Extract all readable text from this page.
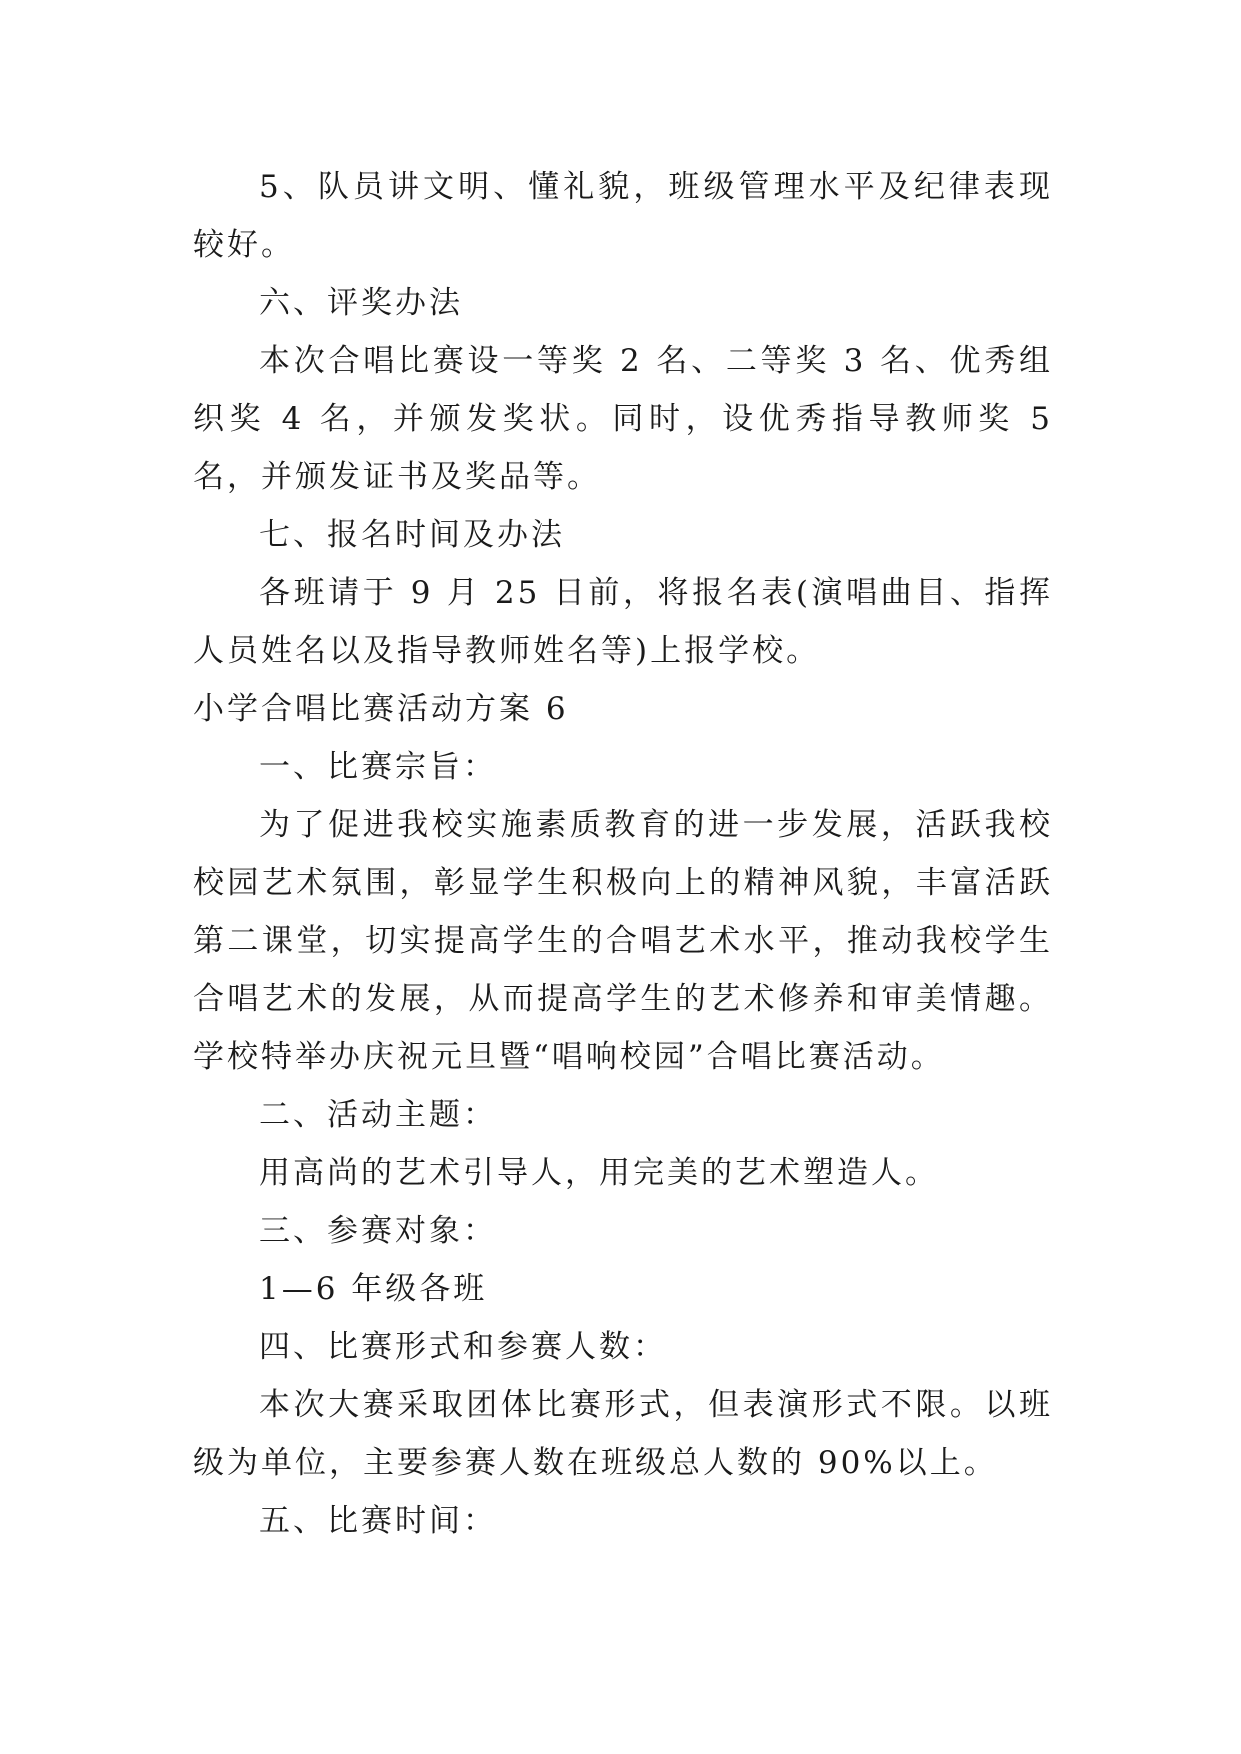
5、队员讲文明、懂礼貌，班级管理水平及纪律表现较好。

六、评奖办法

本次合唱比赛设一等奖 2 名、二等奖 3 名、优秀组织奖 4 名，并颁发奖状。同时，设优秀指导教师奖 5 名，并颁发证书及奖品等。

七、报名时间及办法

各班请于 9 月 25 日前，将报名表(演唱曲目、指挥人员姓名以及指导教师姓名等)上报学校。

小学合唱比赛活动方案 6

一、比赛宗旨：

为了促进我校实施素质教育的进一步发展，活跃我校校园艺术氛围，彰显学生积极向上的精神风貌，丰富活跃第二课堂，切实提高学生的合唱艺术水平，推动我校学生合唱艺术的发展，从而提高学生的艺术修养和审美情趣。学校特举办庆祝元旦暨“唱响校园”合唱比赛活动。

二、活动主题：

用高尚的艺术引导人，用完美的艺术塑造人。

三、参赛对象：

1—6 年级各班

四、比赛形式和参赛人数：

本次大赛采取团体比赛形式，但表演形式不限。以班级为单位，主要参赛人数在班级总人数的 90%以上。

五、比赛时间：
